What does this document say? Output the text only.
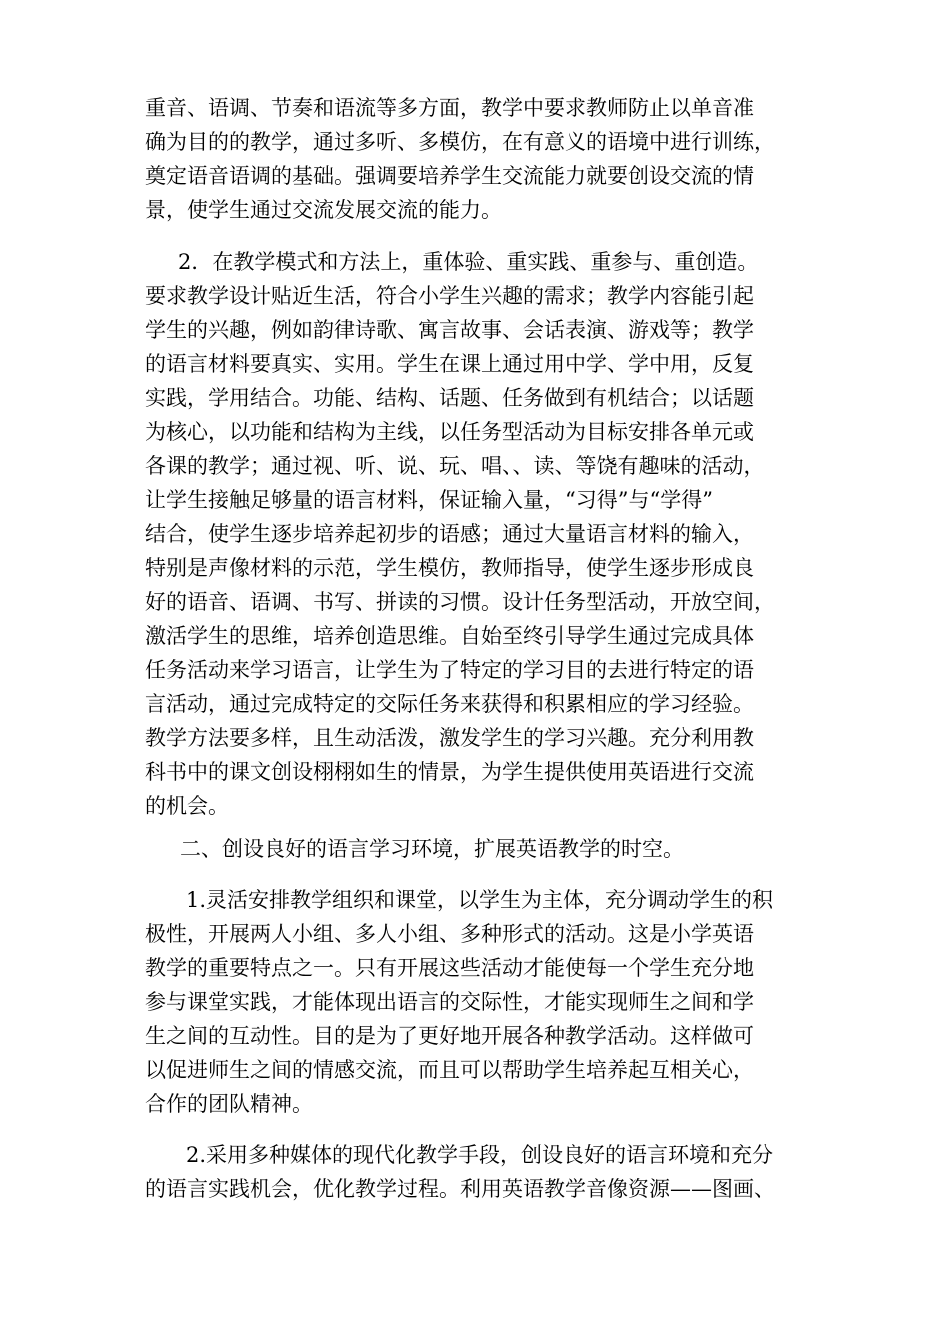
重音、语调、节奏和语流等多方面，教学中要求教师防止以单音准
确为目的的教学，通过多听、多模仿，在有意义的语境中进行训练，
奠定语音语调的基础。强调要培养学生交流能力就要创设交流的情
景，使学生通过交流发展交流的能力。
2．在教学模式和方法上，重体验、重实践、重参与、重创造。
要求教学设计贴近生活，符合小学生兴趣的需求；教学内容能引起
学生的兴趣，例如韵律诗歌、寓言故事、会话表演、游戏等；教学
的语言材料要真实、实用。学生在课上通过用中学、学中用，反复
实践，学用结合。功能、结构、话题、任务做到有机结合；以话题
为核心，以功能和结构为主线，以任务型活动为目标安排各单元或
各课的教学；通过视、听、说、玩、唱、、读、等饶有趣味的活动，
让学生接触足够量的语言材料，保证输入量，“习得”与“学得”
结合，使学生逐步培养起初步的语感；通过大量语言材料的输入，
特别是声像材料的示范，学生模仿，教师指导，使学生逐步形成良
好的语音、语调、书写、拼读的习惯。设计任务型活动，开放空间，
激活学生的思维，培养创造思维。自始至终引导学生通过完成具体
任务活动来学习语言，让学生为了特定的学习目的去进行特定的语
言活动，通过完成特定的交际任务来获得和积累相应的学习经验。
教学方法要多样，且生动活泼，激发学生的学习兴趣。充分利用教
科书中的课文创设栩栩如生的情景，为学生提供使用英语进行交流
的机会。
二、创设良好的语言学习环境，扩展英语教学的时空。
1.灵活安排教学组织和课堂，以学生为主体，充分调动学生的积
极性，开展两人小组、多人小组、多种形式的活动。这是小学英语
教学的重要特点之一。只有开展这些活动才能使每一个学生充分地
参与课堂实践，才能体现出语言的交际性，才能实现师生之间和学
生之间的互动性。目的是为了更好地开展各种教学活动。这样做可
以促进师生之间的情感交流，而且可以帮助学生培养起互相关心，
合作的团队精神。
2.采用多种媒体的现代化教学手段，创设良好的语言环境和充分
的语言实践机会，优化教学过程。利用英语教学音像资源——图画、
